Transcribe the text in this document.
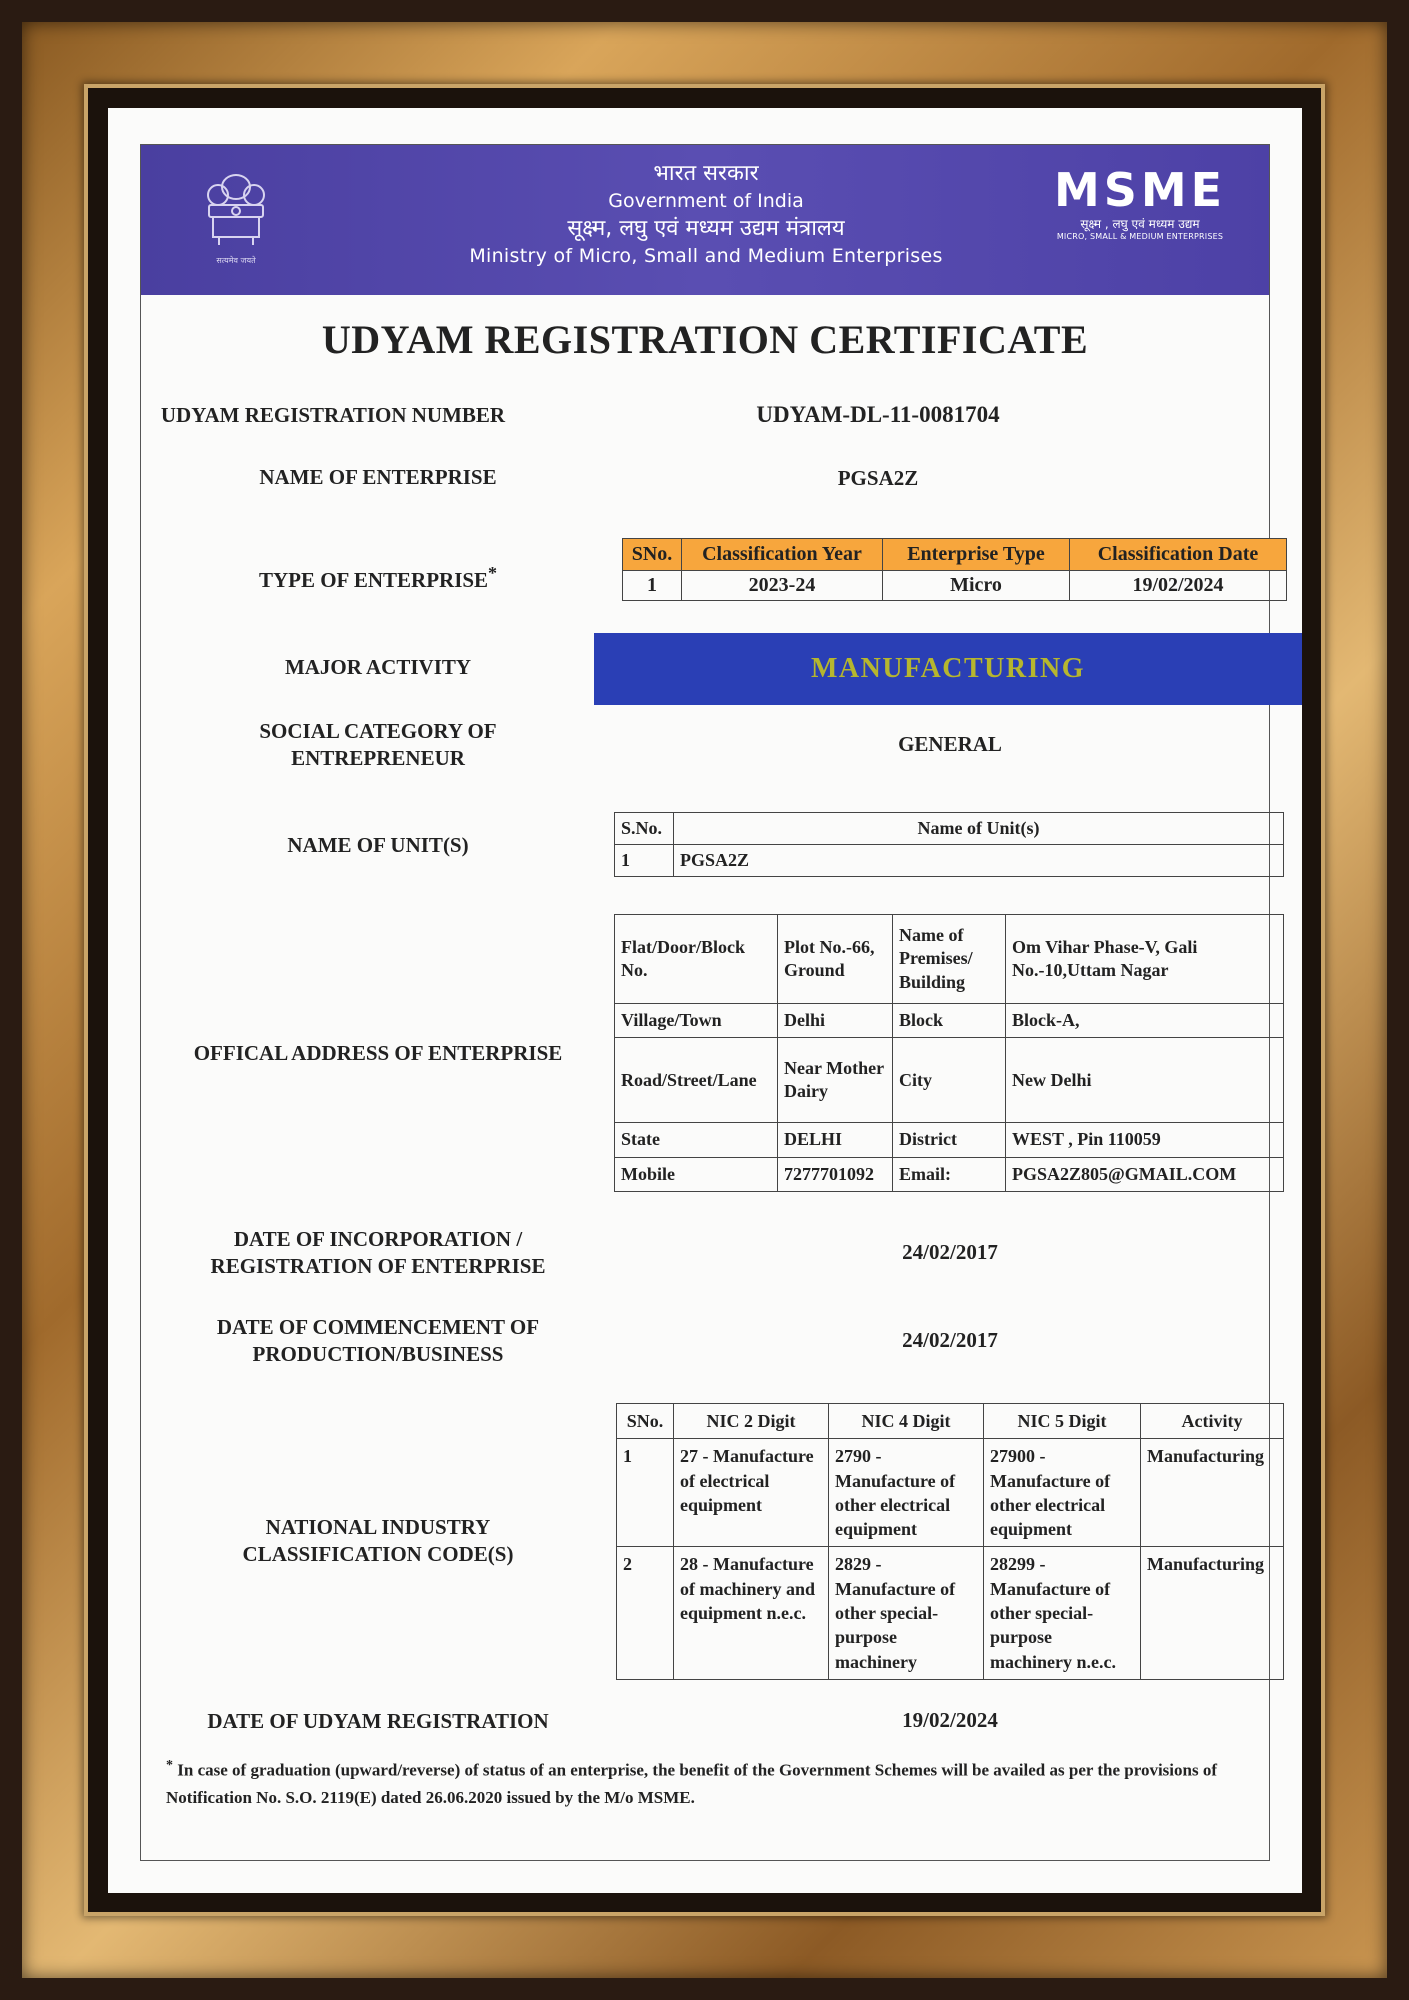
सत्यमेव जयते
भारत सरकार
Government of India
सूक्ष्म, लघु एवं मध्यम उद्यम मंत्रालय
Ministry of Micro, Small and Medium Enterprises
MSME
सूक्ष्म , लघु एवं मध्यम उद्यम
MICRO, SMALL & MEDIUM ENTERPRISES
UDYAM REGISTRATION CERTIFICATE
UDYAM REGISTRATION NUMBER	UDYAM-DL-11-0081704
NAME OF ENTERPRISE	PGSA2Z
TYPE OF ENTERPRISE*
SNo.	Classification Year	Enterprise Type	Classification Date
1	2023-24	Micro	19/02/2024
MAJOR ACTIVITY	MANUFACTURING
SOCIAL CATEGORY OF
ENTREPRENEUR
GENERAL
NAME OF UNIT(S)
S.No.	Name of Unit(s)
1	PGSA2Z
OFFICAL ADDRESS OF ENTERPRISE
Flat/Door/Block No.	Plot No.-66, Ground	Name of Premises/ Building	Om Vihar Phase-V, Gali No.-10,Uttam Nagar
Village/Town	Delhi	Block	Block-A,
Road/Street/Lane	Near Mother Dairy	City	New Delhi
State	DELHI	District	WEST , Pin 110059
Mobile	7277701092	Email:	PGSA2Z805@GMAIL.COM
DATE OF INCORPORATION /
REGISTRATION OF ENTERPRISE
24/02/2017
DATE OF COMMENCEMENT OF
PRODUCTION/BUSINESS
24/02/2017
NATIONAL INDUSTRY
CLASSIFICATION CODE(S)
SNo.	NIC 2 Digit	NIC 4 Digit	NIC 5 Digit	Activity
1	27 - Manufacture of electrical equipment	2790 - Manufacture of other electrical equipment	27900 - Manufacture of other electrical equipment	Manufacturing
2	28 - Manufacture of machinery and equipment n.e.c.	2829 - Manufacture of other special-purpose machinery	28299 - Manufacture of other special-purpose machinery n.e.c.	Manufacturing
DATE OF UDYAM REGISTRATION	19/02/2024
* In case of graduation (upward/reverse) of status of an enterprise, the benefit of the Government Schemes will be availed as per the provisions of Notification No. S.O. 2119(E) dated 26.06.2020 issued by the M/o MSME.
